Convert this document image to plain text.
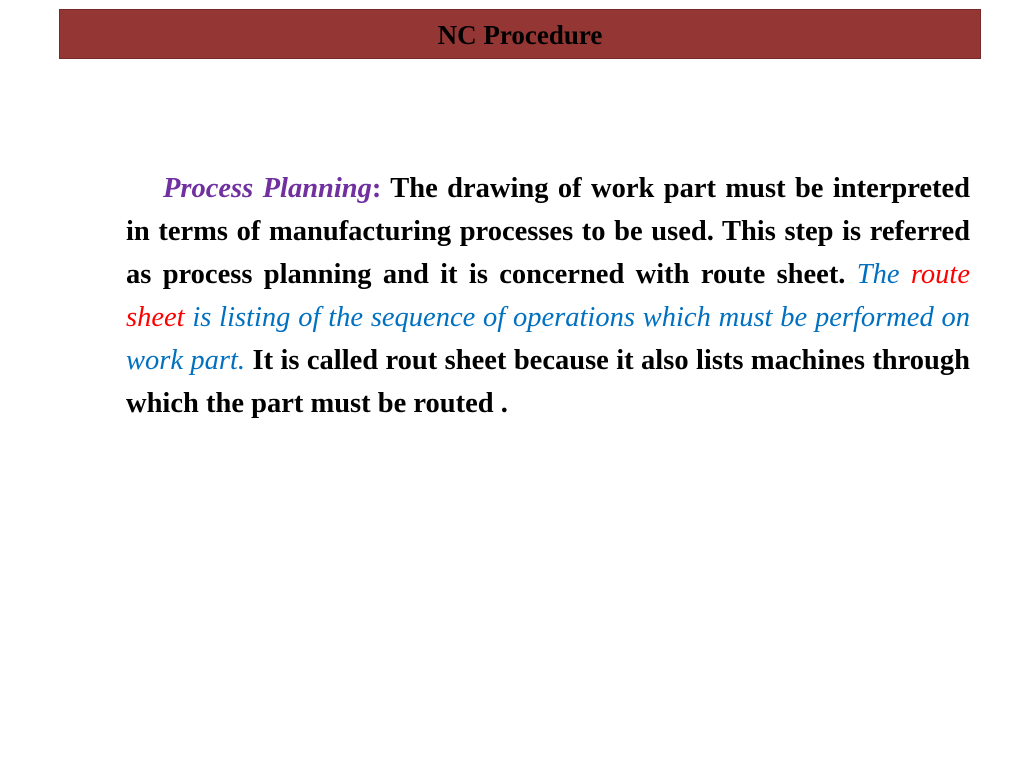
NC Procedure
Process Planning: The drawing of work part must be interpreted in terms of manufacturing processes to be used. This step is referred as process planning and it is concerned with route sheet. The route sheet is listing of the sequence of operations which must be performed on work part. It is called rout sheet because it also lists machines through which the part must be routed .
